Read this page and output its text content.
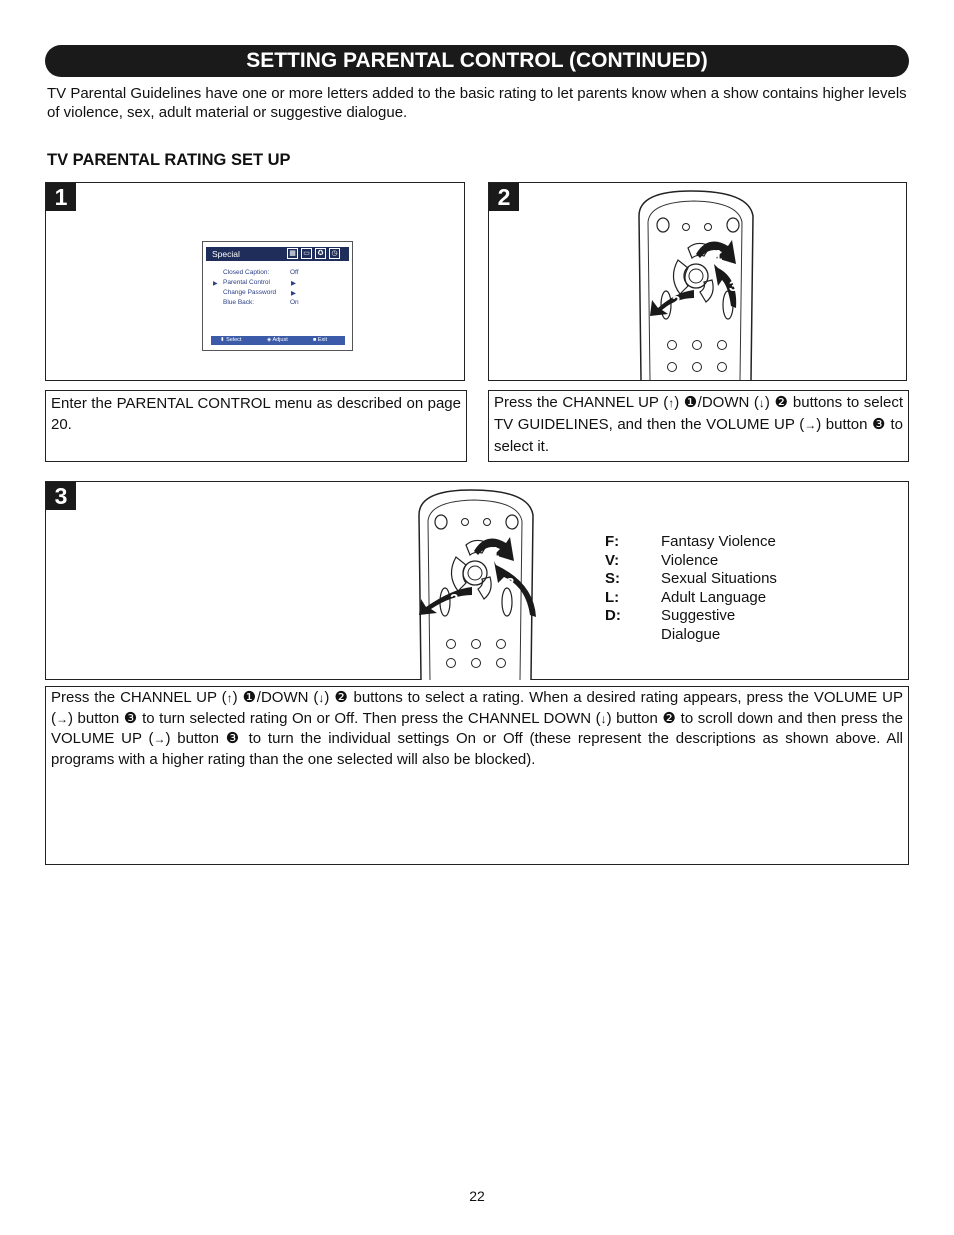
SETTING PARENTAL CONTROL (CONTINUED)
TV Parental Guidelines have one or more letters added to the basic rating to let parents know when a show contains higher levels of violence, sex, adult material or suggestive dialogue.
TV PARENTAL RATING SET UP
1
Special	▦	▭	✪	◷
▶
Closed Caption:	Off
Parental Control	▶
Change Password ▶
Blue Back:	On
⬍ Select	◈ Adjust	■ Exit
Enter the PARENTAL CONTROL menu as described on page 20.
2
1
3
2
Press the CHANNEL UP (↑) ❶/DOWN (↓) ❷ buttons to select TV GUIDELINES, and then the VOLUME UP (→) button ❸ to select it.
3
1
3
2
F:	Fantasy Violence
V:	Violence
S:	Sexual Situations
L:	Adult Language
D:	Suggestive Dialogue
Press the CHANNEL UP (↑) ❶/DOWN (↓) ❷ buttons to select a rating. When a desired rating appears, press the VOLUME UP (→) button ❸ to turn selected rating On or Off. Then press the CHANNEL DOWN (↓) button ❷ to scroll down and then press the VOLUME UP (→) button ❸ to turn the individual settings On or Off (these represent the descriptions as shown above. All programs with a higher rating than the one selected will also be blocked).
22
